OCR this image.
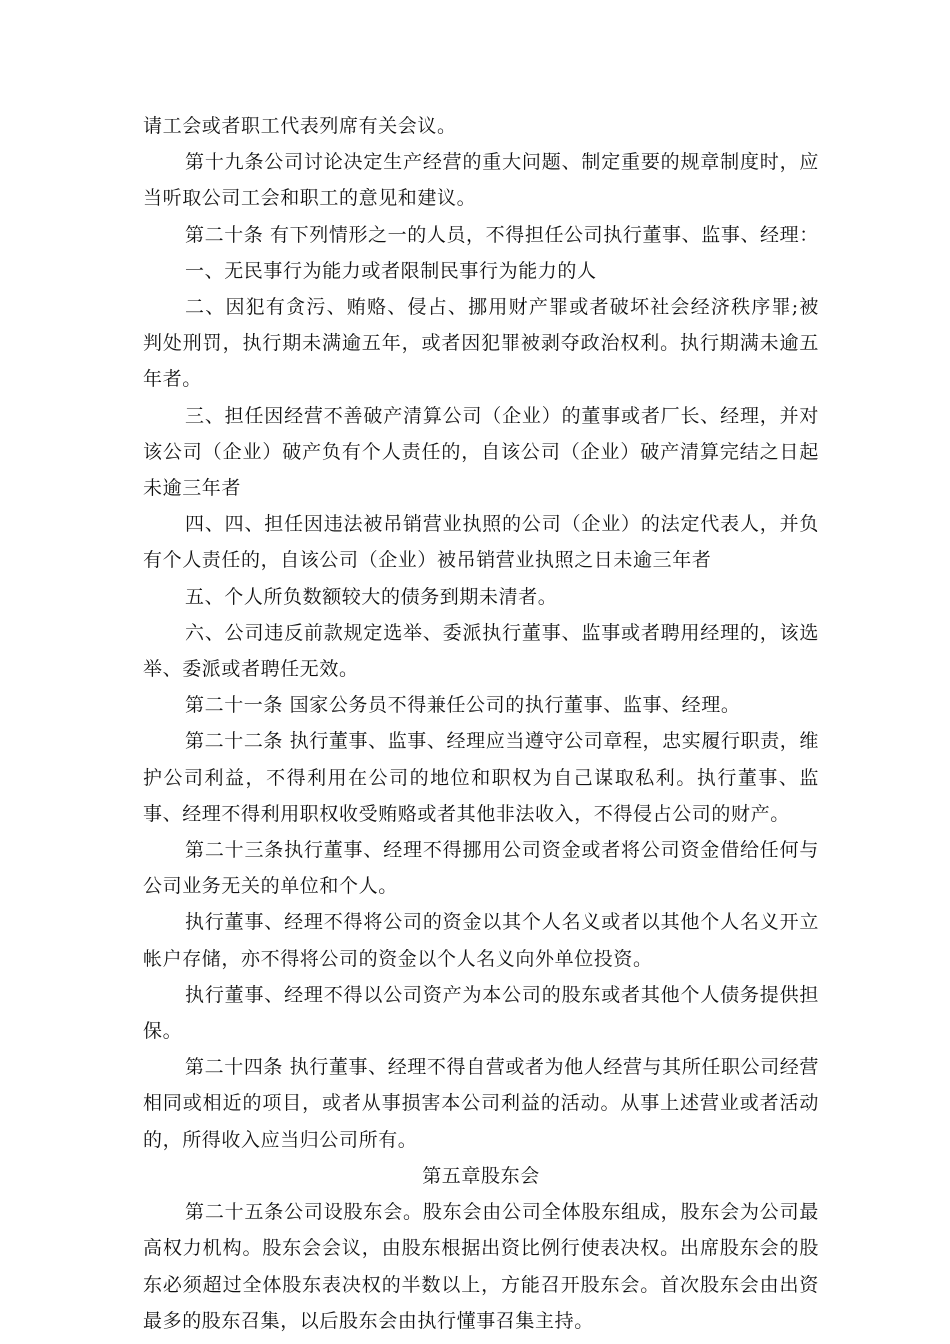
请工会或者职工代表列席有关会议。

第十九条公司讨论决定生产经营的重大问题、制定重要的规章制度时，应当听取公司工会和职工的意见和建议。

第二十条 有下列情形之一的人员，不得担任公司执行董事、监事、经理：

一、无民事行为能力或者限制民事行为能力的人

二、因犯有贪污、贿赂、侵占、挪用财产罪或者破坏社会经济秩序罪;被判处刑罚，执行期未满逾五年，或者因犯罪被剥夺政治权利。执行期满未逾五年者。

三、担任因经营不善破产清算公司（企业）的董事或者厂长、经理，并对该公司（企业）破产负有个人责任的，自该公司（企业）破产清算完结之日起未逾三年者

四、四、担任因违法被吊销营业执照的公司（企业）的法定代表人，并负有个人责任的，自该公司（企业）被吊销营业执照之日未逾三年者

五、个人所负数额较大的债务到期未清者。

六、公司违反前款规定选举、委派执行董事、监事或者聘用经理的，该选举、委派或者聘任无效。

第二十一条 国家公务员不得兼任公司的执行董事、监事、经理。

第二十二条 执行董事、监事、经理应当遵守公司章程，忠实履行职责，维护公司利益，不得利用在公司的地位和职权为自己谋取私利。执行董事、监事、经理不得利用职权收受贿赂或者其他非法收入，不得侵占公司的财产。

第二十三条执行董事、经理不得挪用公司资金或者将公司资金借给任何与公司业务无关的单位和个人。

执行董事、经理不得将公司的资金以其个人名义或者以其他个人名义开立帐户存储，亦不得将公司的资金以个人名义向外单位投资。

执行董事、经理不得以公司资产为本公司的股东或者其他个人债务提供担保。

第二十四条 执行董事、经理不得自营或者为他人经营与其所任职公司经营相同或相近的项目，或者从事损害本公司利益的活动。从事上述营业或者活动的，所得收入应当归公司所有。

第五章股东会

第二十五条公司设股东会。股东会由公司全体股东组成，股东会为公司最高权力机构。股东会会议，由股东根据出资比例行使表决权。出席股东会的股东必须超过全体股东表决权的半数以上，方能召开股东会。首次股东会由出资最多的股东召集，以后股东会由执行懂事召集主持。
